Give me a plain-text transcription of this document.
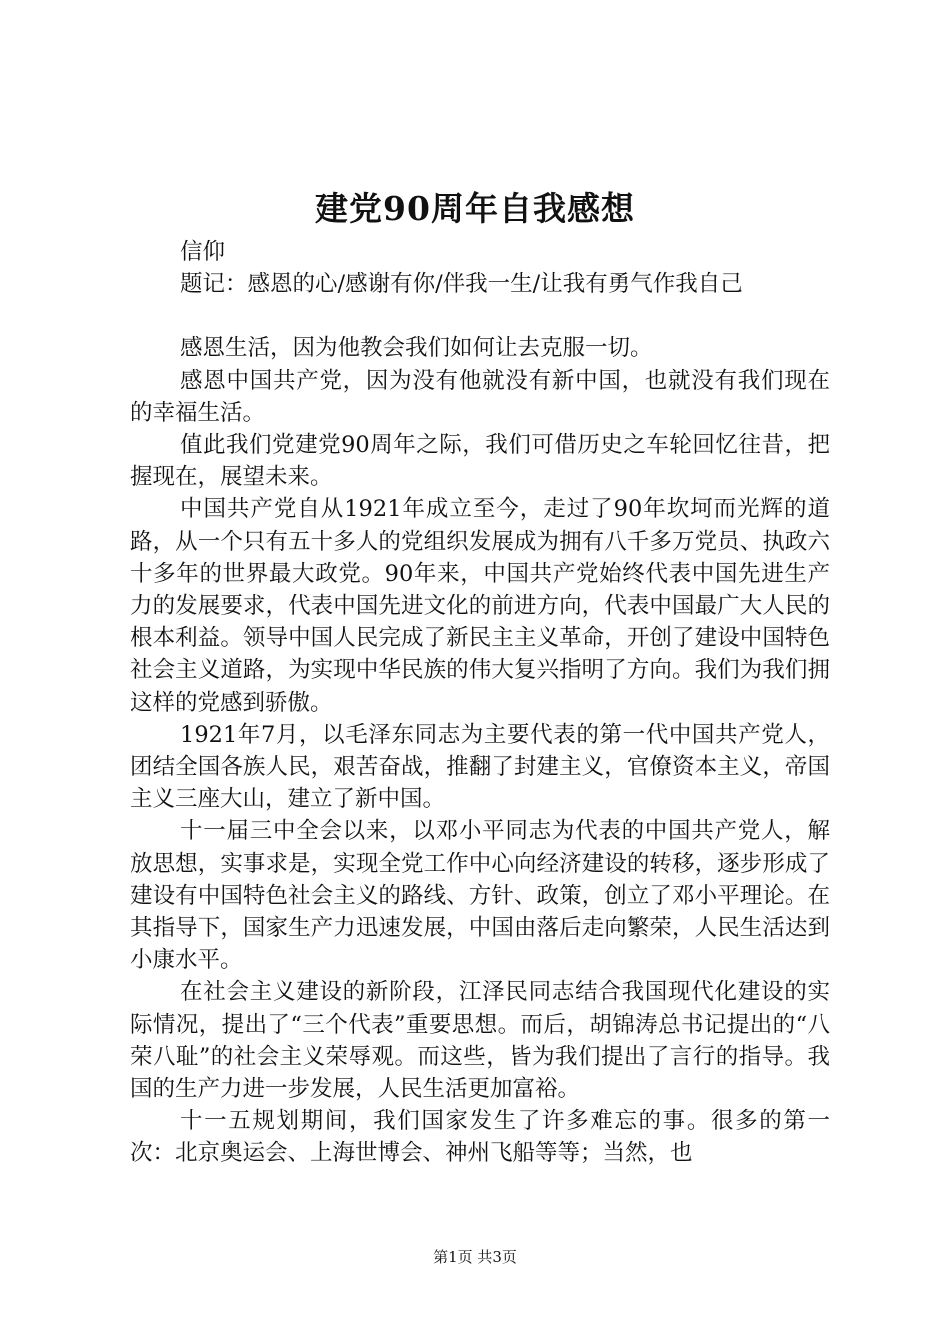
建党90周年自我感想

信仰

题记：感恩的心/感谢有你/伴我一生/让我有勇气作我自己

感恩生活，因为他教会我们如何让去克服一切。

感恩中国共产党，因为没有他就没有新中国，也就没有我们现在的幸福生活。

值此我们党建党90周年之际，我们可借历史之车轮回忆往昔，把握现在，展望未来。

中国共产党自从1921年成立至今，走过了90年坎坷而光辉的道路，从一个只有五十多人的党组织发展成为拥有八千多万党员、执政六十多年的世界最大政党。90年来，中国共产党始终代表中国先进生产力的发展要求，代表中国先进文化的前进方向，代表中国最广大人民的根本利益。领导中国人民完成了新民主主义革命，开创了建设中国特色社会主义道路，为实现中华民族的伟大复兴指明了方向。我们为我们拥这样的党感到骄傲。

1921年7月，以毛泽东同志为主要代表的第一代中国共产党人，团结全国各族人民，艰苦奋战，推翻了封建主义，官僚资本主义，帝国主义三座大山，建立了新中国。

十一届三中全会以来，以邓小平同志为代表的中国共产党人，解放思想，实事求是，实现全党工作中心向经济建设的转移，逐步形成了建设有中国特色社会主义的路线、方针、政策，创立了邓小平理论。在其指导下，国家生产力迅速发展，中国由落后走向繁荣，人民生活达到小康水平。

在社会主义建设的新阶段，江泽民同志结合我国现代化建设的实际情况，提出了“三个代表”重要思想。而后，胡锦涛总书记提出的“八荣八耻”的社会主义荣辱观。而这些，皆为我们提出了言行的指导。我国的生产力进一步发展，人民生活更加富裕。

十一五规划期间，我们国家发生了许多难忘的事。很多的第一次：北京奥运会、上海世博会、神州飞船等等；当然，也

第1页 共3页
